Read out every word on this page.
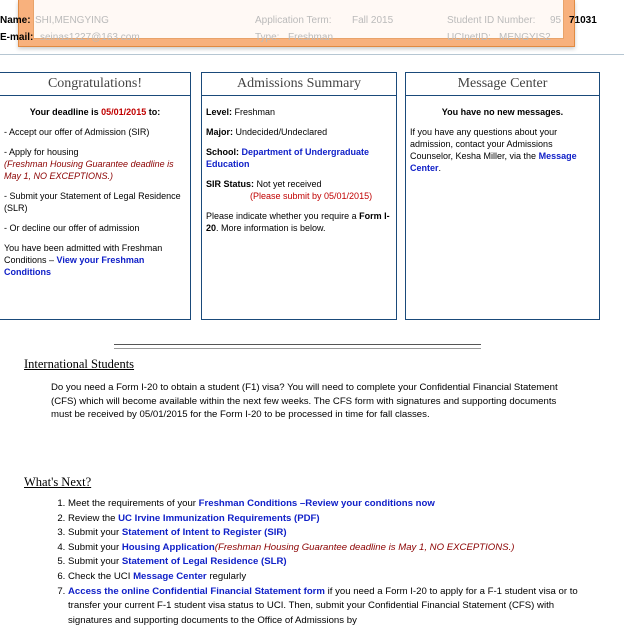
Name: SHI,MENGYING	Application Term: Fall 2015	Student ID Number: 95 71031
E-mail: seinas1227@163.com	Type: Freshman	UCInetID: MENGYIS2
Congratulations!

Your deadline is 05/01/2015 to:

- Accept our offer of Admission (SIR)

- Apply for housing
(Freshman Housing Guarantee deadline is May 1, NO EXCEPTIONS.)

- Submit your Statement of Legal Residence (SLR)

- Or decline our offer of admission

You have been admitted with Freshman Conditions – View your Freshman Conditions

Admissions Summary

Level: Freshman

Major: Undecided/Undeclared

School: Department of Undergraduate Education

SIR Status: Not yet received
(Please submit by 05/01/2015)

Please indicate whether you require a Form I-20. More information is below.

Message Center

You have no new messages.

If you have any questions about your admission, contact your Admissions Counselor, Kesha Miller, via the Message Center.

International Students
Do you need a Form I-20 to obtain a student (F1) visa? You will need to complete your Confidential Financial Statement (CFS) which will become available within the next few weeks. The CFS form with signatures and supporting documents must be received by 05/01/2015 for the Form I-20 to be processed in time for fall classes.
What's Next?
1. Meet the requirements of your Freshman Conditions –Review your conditions now
2. Review the UC Irvine Immunization Requirements (PDF)
3. Submit your Statement of Intent to Register (SIR)
4. Submit your Housing Application(Freshman Housing Guarantee deadline is May 1, NO EXCEPTIONS.)
5. Submit your Statement of Legal Residence (SLR)
6. Check the UCI Message Center regularly
7. Access the online Confidential Financial Statement form if you need a Form I-20 to apply for a F-1 student visa or to transfer your current F-1 student visa status to UCI. Then, submit your Confidential Financial Statement (CFS) with signatures and supporting documents to the Office of Admissions by
